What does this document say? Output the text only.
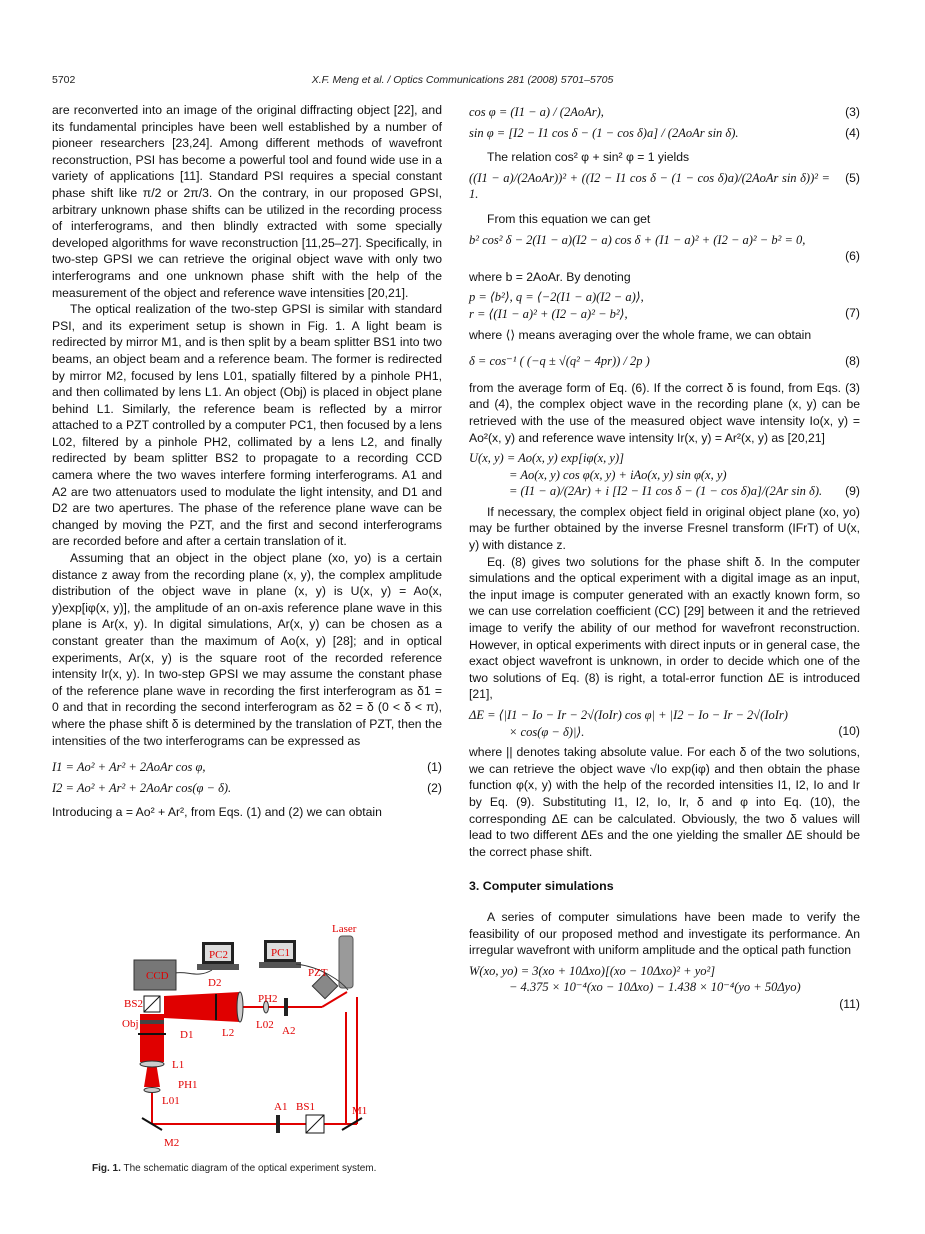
5702	X.F. Meng et al. / Optics Communications 281 (2008) 5701–5705

are reconverted into an image of the original diffracting object [22], and its fundamental principles have been well established by a number of pioneer researchers [23,24]. Among different methods of wavefront reconstruction, PSI has become a powerful tool and found wide use in a variety of applications [11]. Standard PSI requires a special constant phase shift like π/2 or 2π/3. On the contrary, in our proposed GPSI, arbitrary unknown phase shifts can be utilized in the recording process of interferograms, and then blindly extracted with some specially developed algorithms for wave reconstruction [11,25–27]. Specifically, in two-step GPSI we can retrieve the original object wave with only two interferograms and one unknown phase shift with the help of the measurement of the object and reference wave intensities [20,21].

The optical realization of the two-step GPSI is similar with standard PSI, and its experiment setup is shown in Fig. 1. A light beam is redirected by mirror M1, and is then split by a beam splitter BS1 into two beams, an object beam and a reference beam. The former is redirected by mirror M2, focused by lens L01, spatially filtered by a pinhole PH1, and then collimated by lens L1. An object (Obj) is placed in object plane behind L1. Similarly, the reference beam is reflected by a mirror attached to a PZT controlled by a computer PC1, then focused by a lens L02, filtered by a pinhole PH2, collimated by a lens L2, and finally redirected by beam splitter BS2 to propagate to a recording CCD camera where the two waves interfere forming interferograms. A1 and A2 are two attenuators used to modulate the light intensity, and D1 and D2 are two apertures. The phase of the reference plane wave can be changed by moving the PZT, and the first and second interferograms are recorded before and after a certain translation of it.

Assuming that an object in the object plane (xo, yo) is a certain distance z away from the recording plane (x, y), the complex amplitude distribution of the object wave in plane (x, y) is U(x, y) = Ao(x, y)exp[iφ(x, y)], the amplitude of an on-axis reference plane wave in this plane is Ar(x, y). In digital simulations, Ar(x, y) can be chosen as a constant greater than the maximum of Ao(x, y) [28]; and in optical experiments, Ar(x, y) is the square root of the recorded reference intensity Ir(x, y). In two-step GPSI we may assume the constant phase of the reference plane wave in recording the first interferogram as δ1 = 0 and that in recording the second interferogram as δ2 = δ (0 < δ < π), where the phase shift δ is determined by the translation of PZT, then the intensities of the two interferograms can be expressed as

I1 = Ao² + Ar² + 2AoAr cos φ,	(1)
I2 = Ao² + Ar² + 2AoAr cos(φ − δ).	(2)

Introducing a = Ao² + Ar², from Eqs. (1) and (2) we can obtain

Laser
PC2	PC1
CCD
BS2
Obj
D1
L1
PH1
L01
D2
L2
PH2
L02 A2
PZT
A1 BS1	M1
M2
Fig. 1. The schematic diagram of the optical experiment system.
cos φ = (I1 − a) / (2AoAr),	(3)
sin φ = [I2 − I1 cos δ − (1 − cos δ)a] / (2AoAr sin δ).	(4)

The relation cos² φ + sin² φ = 1 yields

((I1 − a)/(2AoAr))² + ((I2 − I1 cos δ − (1 − cos δ)a)/(2AoAr sin δ))² = 1.
(5)

From this equation we can get

b² cos² δ − 2(I1 − a)(I2 − a) cos δ + (I1 − a)² + (I2 − a)² − b² = 0,
(6)

where b = 2AoAr. By denoting

p = ⟨b²⟩, q = ⟨−2(I1 − a)(I2 − a)⟩,
r = ⟨(I1 − a)² + (I2 − a)² − b²⟩,	(7)

where ⟨⟩ means averaging over the whole frame, we can obtain

δ = cos⁻¹ ( (−q ± √(q² − 4pr)) / 2p )	(8)

from the average form of Eq. (6). If the correct δ is found, from Eqs. (3) and (4), the complex object wave in the recording plane (x, y) can be retrieved with the use of the measured object wave intensity Io(x, y) = Ao²(x, y) and reference wave intensity Ir(x, y) = Ar²(x, y) as [20,21]

U(x, y) = Ao(x, y) exp[iφ(x, y)]
= Ao(x, y) cos φ(x, y) + iAo(x, y) sin φ(x, y)
= (I1 − a)/(2Ar) + i [I2 − I1 cos δ − (1 − cos δ)a]/(2Ar sin δ).	(9)

If necessary, the complex object field in original object plane (xo, yo) may be further obtained by the inverse Fresnel transform (IFrT) of U(x, y) with distance z.

Eq. (8) gives two solutions for the phase shift δ. In the computer simulations and the optical experiment with a digital image as an input, the input image is computer generated with an exactly known form, so we can use correlation coefficient (CC) [29] between it and the retrieved image to verify the ability of our method for wavefront reconstruction. However, in optical experiments with direct inputs or in general case, the exact object wavefront is unknown, in order to decide which one of the two solutions of Eq. (8) is right, a total-error function ΔE is introduced [21],

ΔE = ⟨|I1 − Io − Ir − 2√(IoIr) cos φ| + |I2 − Io − Ir − 2√(IoIr)
× cos(φ − δ)|⟩.	(10)

where || denotes taking absolute value. For each δ of the two solutions, we can retrieve the object wave √Io exp(iφ) and then obtain the phase function φ(x, y) with the help of the recorded intensities I1, I2, Io and Ir by Eq. (9). Substituting I1, I2, Io, Ir, δ and φ into Eq. (10), the corresponding ΔE can be calculated. Obviously, the two δ values will lead to two different ΔEs and the one yielding the smaller ΔE should be the correct phase shift.

3. Computer simulations

A series of computer simulations have been made to verify the feasibility of our proposed method and investigate its performance. An irregular wavefront with uniform amplitude and the optical path function

W(xo, yo) = 3(xo + 10Δxo)[(xo − 10Δxo)² + yo²]
− 4.375 × 10⁻⁴(xo − 10Δxo) − 1.438 × 10⁻⁴(yo + 50Δyo)
(11)
